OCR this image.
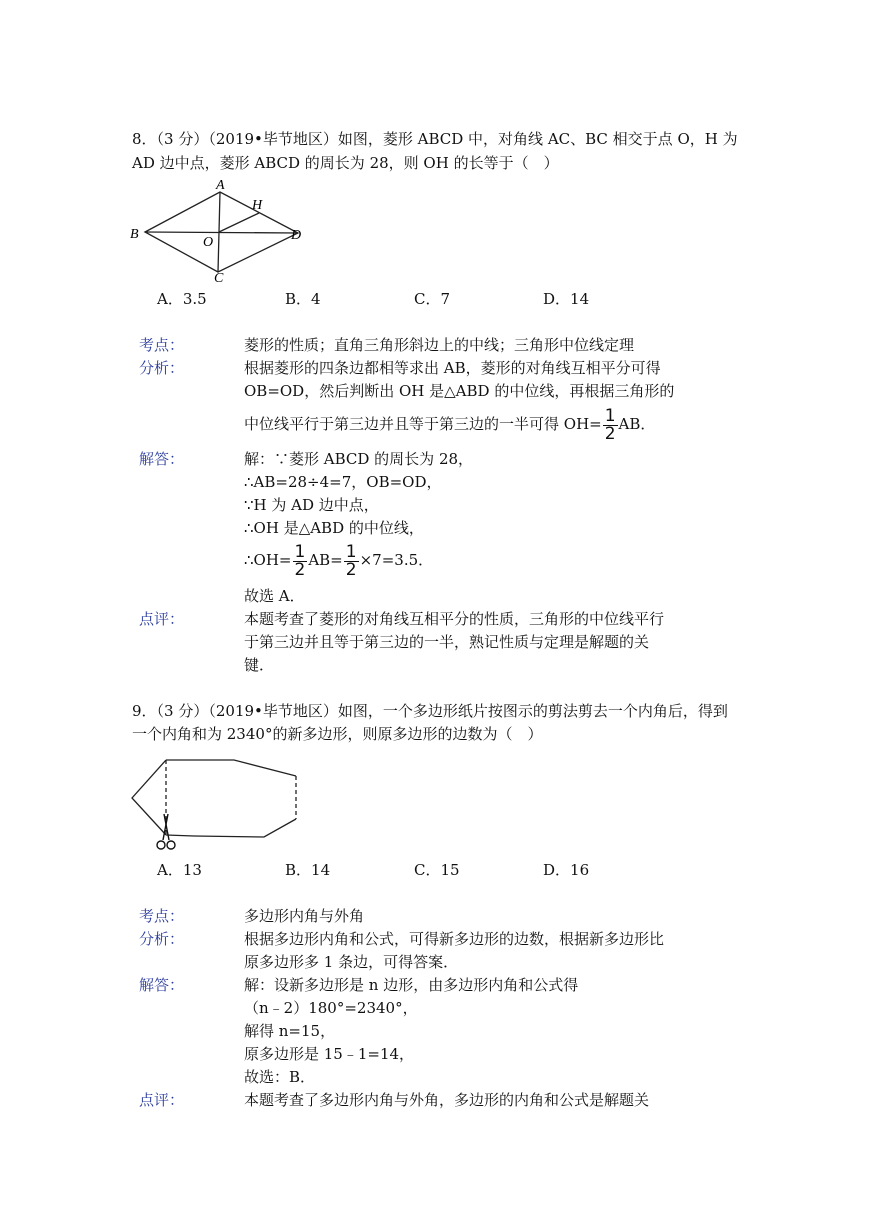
8．（3 分）（2019•毕节地区）如图，菱形 ABCD 中，对角线 AC、BC 相交于点 O，H 为
AD 边中点，菱形 ABCD 的周长为 28，则 OH 的长等于（　）
A
B
C
D
O
H
A．3.5	B．4	C．7	D．14
考点：	菱形的性质；直角三角形斜边上的中线；三角形中位线定理
分析：	根据菱形的四条边都相等求出 AB，菱形的对角线互相平分可得
OB=OD，然后判断出 OH 是△ABD 的中位线，再根据三角形的
中位线平行于第三边并且等于第三边的一半可得 $OH= \frac{1}{2}$ AB．
解答：	解：∵菱形 ABCD 的周长为 28，
∴AB=28÷4=7，OB=OD，
∵H 为 AD 边中点，
∴OH 是△ABD 的中位线，
∴OH= $\frac{1}{2} AB= \frac{1}{2} \times 7=3.5$．
故选 A．
点评：	本题考查了菱形的对角线互相平分的性质，三角形的中位线平行
于第三边并且等于第三边的一半，熟记性质与定理是解题的关
键．
9．（3 分）（2019•毕节地区）如图，一个多边形纸片按图示的剪法剪去一个内角后，得到
一个内角和为 2340°的新多边形，则原多边形的边数为（　）
A．13	B．14	C．15	D．16
考点：	多边形内角与外角
分析：	根据多边形内角和公式，可得新多边形的边数，根据新多边形比
原多边形多 1 条边，可得答案．
解答：	解：设新多边形是 n 边形，由多边形内角和公式得
（n﹣2）180°=2340°，
解得 n=15，
原多边形是 15﹣1=14，
故选：B．
点评：	本题考查了多边形内角与外角，多边形的内角和公式是解题关
